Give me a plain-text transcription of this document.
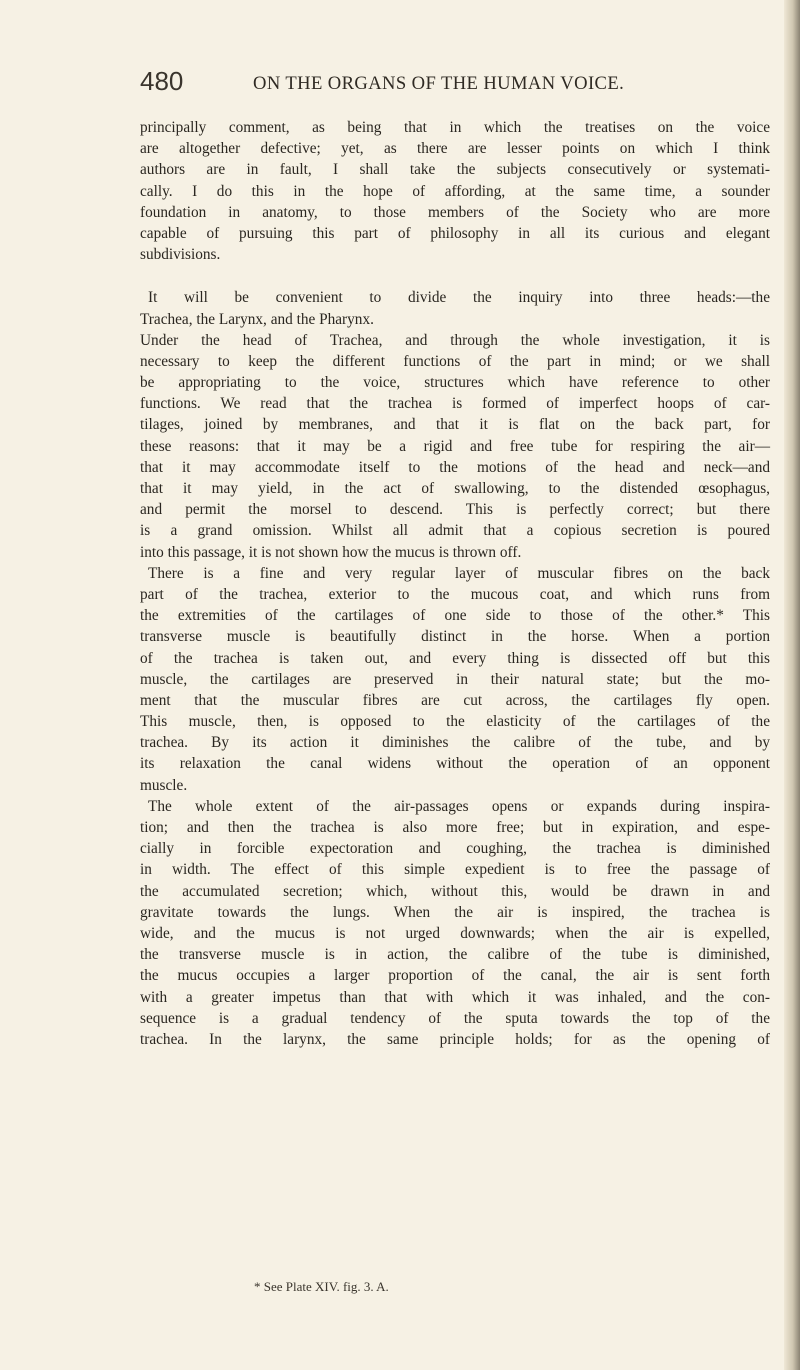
480	ON THE ORGANS OF THE HUMAN VOICE.
principally comment, as being that in which the treatises on the voice
are altogether defective; yet, as there are lesser points on which I think
authors are in fault, I shall take the subjects consecutively or systemati-
cally. I do this in the hope of affording, at the same time, a sounder
foundation in anatomy, to those members of the Society who are more
capable of pursuing this part of philosophy in all its curious and elegant
subdivisions.
It will be convenient to divide the inquiry into three heads:—the
Trachea, the Larynx, and the Pharynx.
Under the head of Trachea, and through the whole investigation, it is
necessary to keep the different functions of the part in mind; or we shall
be appropriating to the voice, structures which have reference to other
functions. We read that the trachea is formed of imperfect hoops of car-
tilages, joined by membranes, and that it is flat on the back part, for
these reasons: that it may be a rigid and free tube for respiring the air—
that it may accommodate itself to the motions of the head and neck—and
that it may yield, in the act of swallowing, to the distended œsophagus,
and permit the morsel to descend. This is perfectly correct; but there
is a grand omission. Whilst all admit that a copious secretion is poured
into this passage, it is not shown how the mucus is thrown off.
There is a fine and very regular layer of muscular fibres on the back
part of the trachea, exterior to the mucous coat, and which runs from
the extremities of the cartilages of one side to those of the other.* This
transverse muscle is beautifully distinct in the horse. When a portion
of the trachea is taken out, and every thing is dissected off but this
muscle, the cartilages are preserved in their natural state; but the mo-
ment that the muscular fibres are cut across, the cartilages fly open.
This muscle, then, is opposed to the elasticity of the cartilages of the
trachea. By its action it diminishes the calibre of the tube, and by
its relaxation the canal widens without the operation of an opponent
muscle.
The whole extent of the air-passages opens or expands during inspira-
tion; and then the trachea is also more free; but in expiration, and espe-
cially in forcible expectoration and coughing, the trachea is diminished
in width. The effect of this simple expedient is to free the passage of
the accumulated secretion; which, without this, would be drawn in and
gravitate towards the lungs. When the air is inspired, the trachea is
wide, and the mucus is not urged downwards; when the air is expelled,
the transverse muscle is in action, the calibre of the tube is diminished,
the mucus occupies a larger proportion of the canal, the air is sent forth
with a greater impetus than that with which it was inhaled, and the con-
sequence is a gradual tendency of the sputa towards the top of the
trachea. In the larynx, the same principle holds; for as the opening of
* See Plate XIV. fig. 3. A.
